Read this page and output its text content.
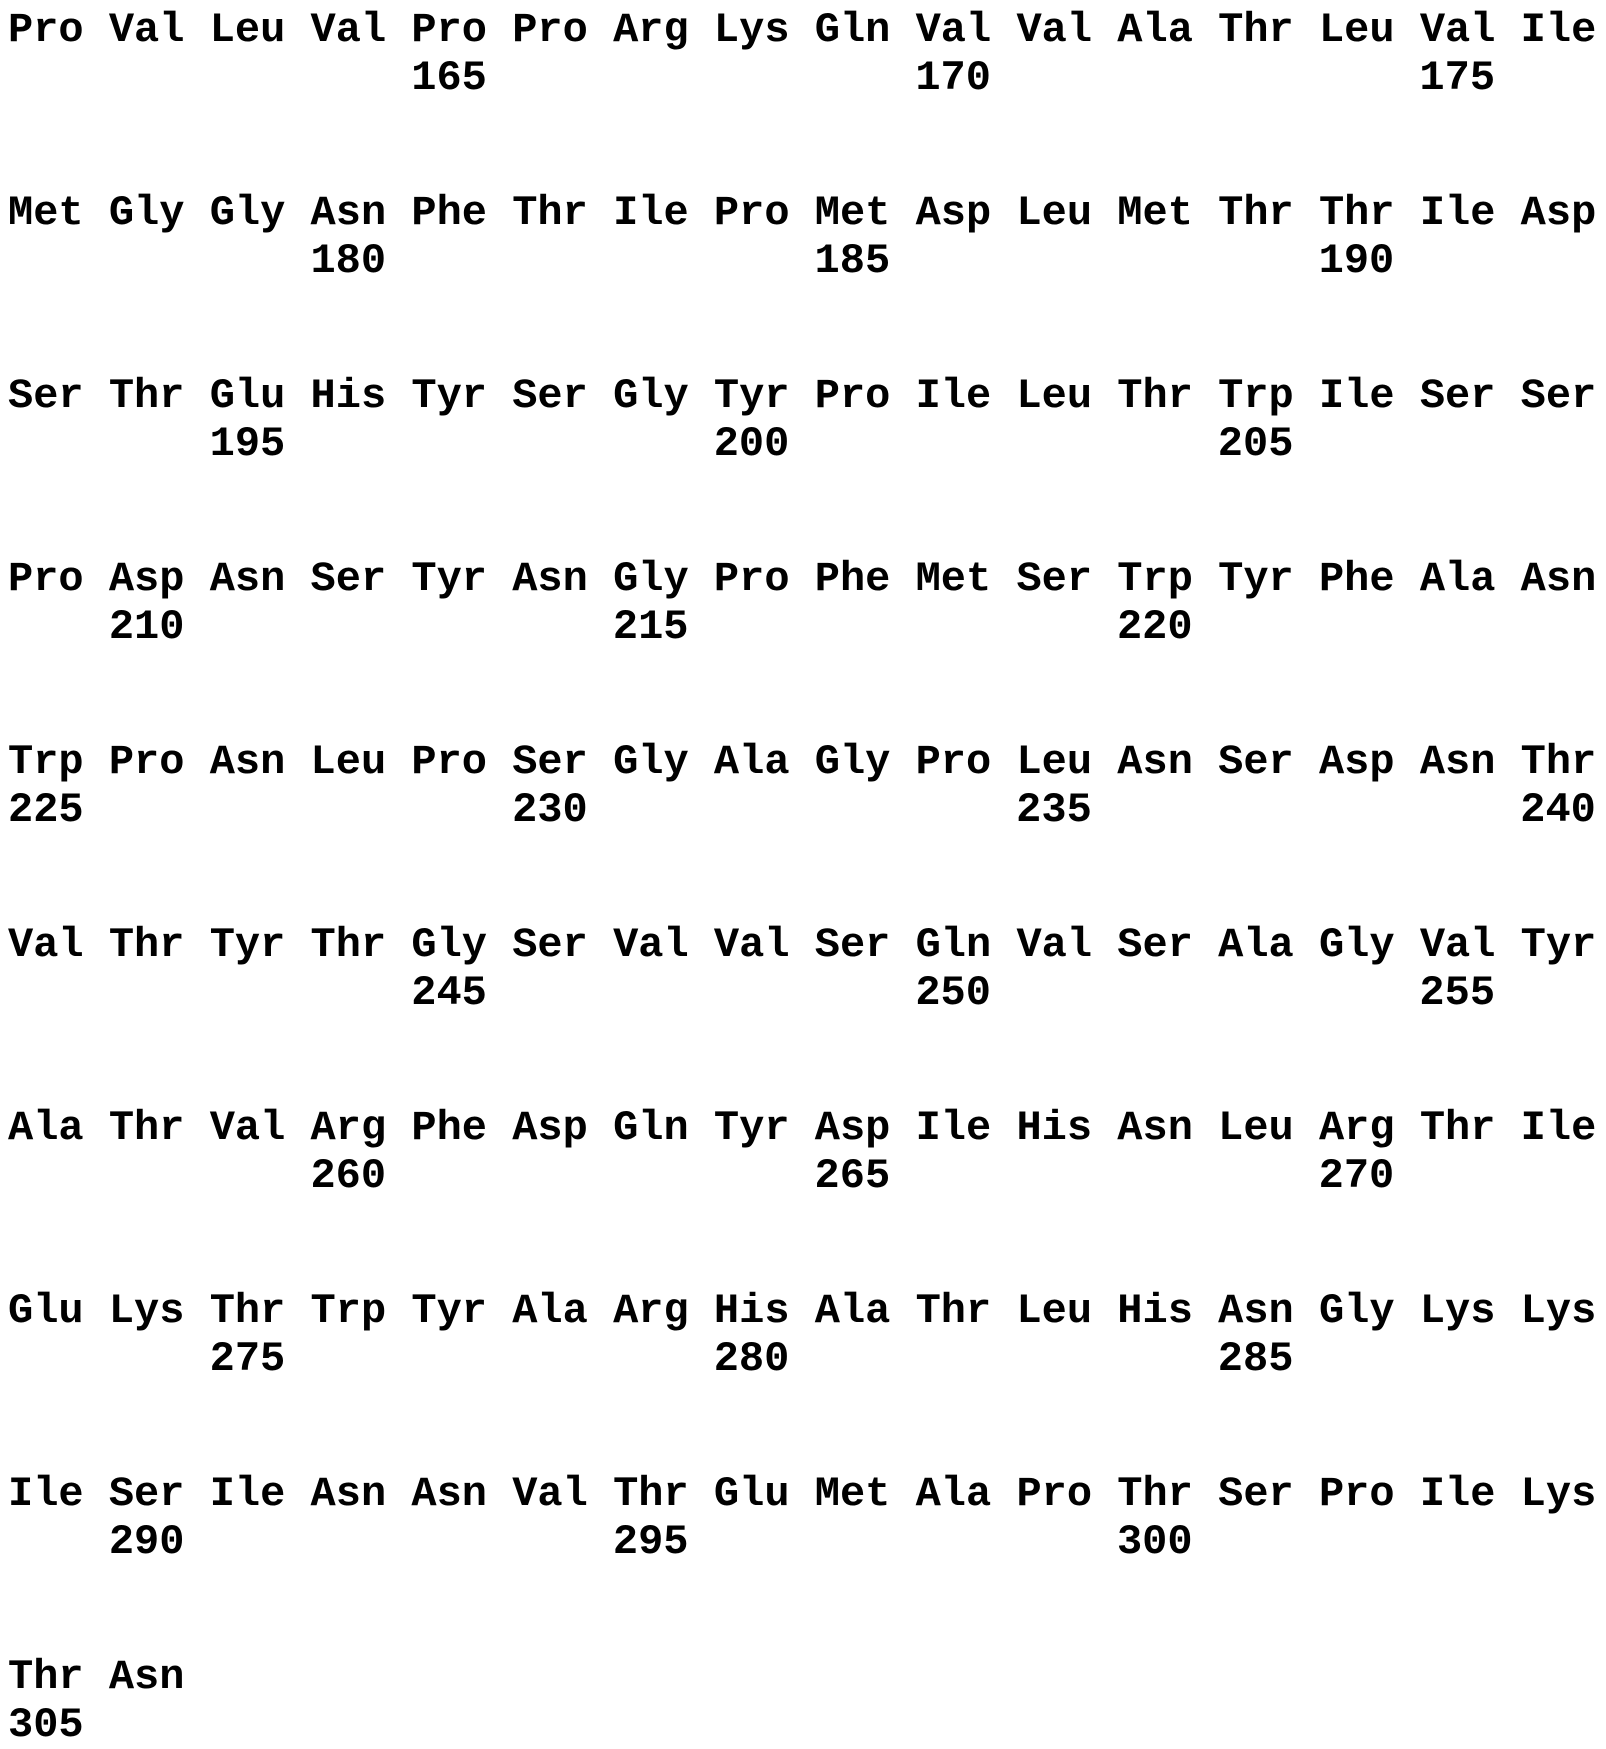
Pro Val Leu Val Pro Pro Arg Lys Gln Val Val Ala Thr Leu Val Ile
165	170	175
Met Gly Gly Asn Phe Thr Ile Pro Met Asp Leu Met Thr Thr Ile Asp
180	185	190
Ser Thr Glu His Tyr Ser Gly Tyr Pro Ile Leu Thr Trp Ile Ser Ser
195	200	205
Pro Asp Asn Ser Tyr Asn Gly Pro Phe Met Ser Trp Tyr Phe Ala Asn
210	215	220
Trp Pro Asn Leu Pro Ser Gly Ala Gly Pro Leu Asn Ser Asp Asn Thr
225	230	235	240
Val Thr Tyr Thr Gly Ser Val Val Ser Gln Val Ser Ala Gly Val Tyr
245	250	255
Ala Thr Val Arg Phe Asp Gln Tyr Asp Ile His Asn Leu Arg Thr Ile
260	265	270
Glu Lys Thr Trp Tyr Ala Arg His Ala Thr Leu His Asn Gly Lys Lys
275	280	285
Ile Ser Ile Asn Asn Val Thr Glu Met Ala Pro Thr Ser Pro Ile Lys
290	295	300
Thr Asn
305
